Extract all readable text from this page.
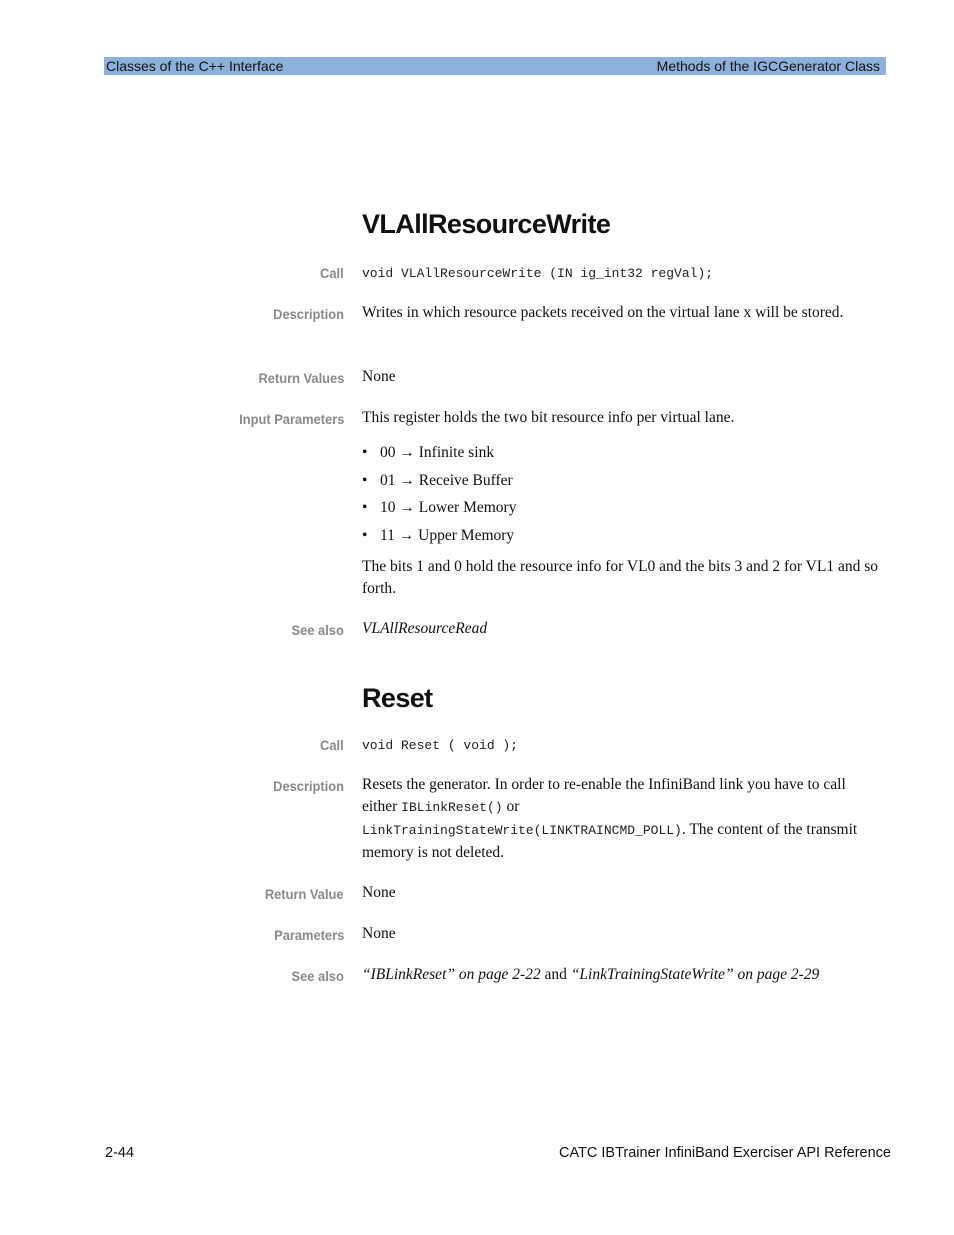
Classes of the C++ Interface	Methods of the IGCGenerator Class
VLAllResourceWrite
Call void VLAllResourceWrite (IN ig_int32 regVal);
Description Writes in which resource packets received on the virtual lane x will be stored.
Return Values None
Input Parameters This register holds the two bit resource info per virtual lane.
• 00 → Infinite sink
• 01 → Receive Buffer
• 10 → Lower Memory
• 11 → Upper Memory
The bits 1 and 0 hold the resource info for VL0 and the bits 3 and 2 for VL1 and so forth.
See also VLAllResourceRead
Reset
Call void Reset ( void );
Description Resets the generator. In order to re-enable the InfiniBand link you have to call either IBLinkReset() or
LinkTrainingStateWrite(LINKTRAINCMD_POLL). The content of the transmit memory is not deleted.
Return Value None
Parameters None
See also “IBLinkReset” on page 2-22 and “LinkTrainingStateWrite” on page 2-29
2-44	CATC IBTrainer InfiniBand Exerciser API Reference
